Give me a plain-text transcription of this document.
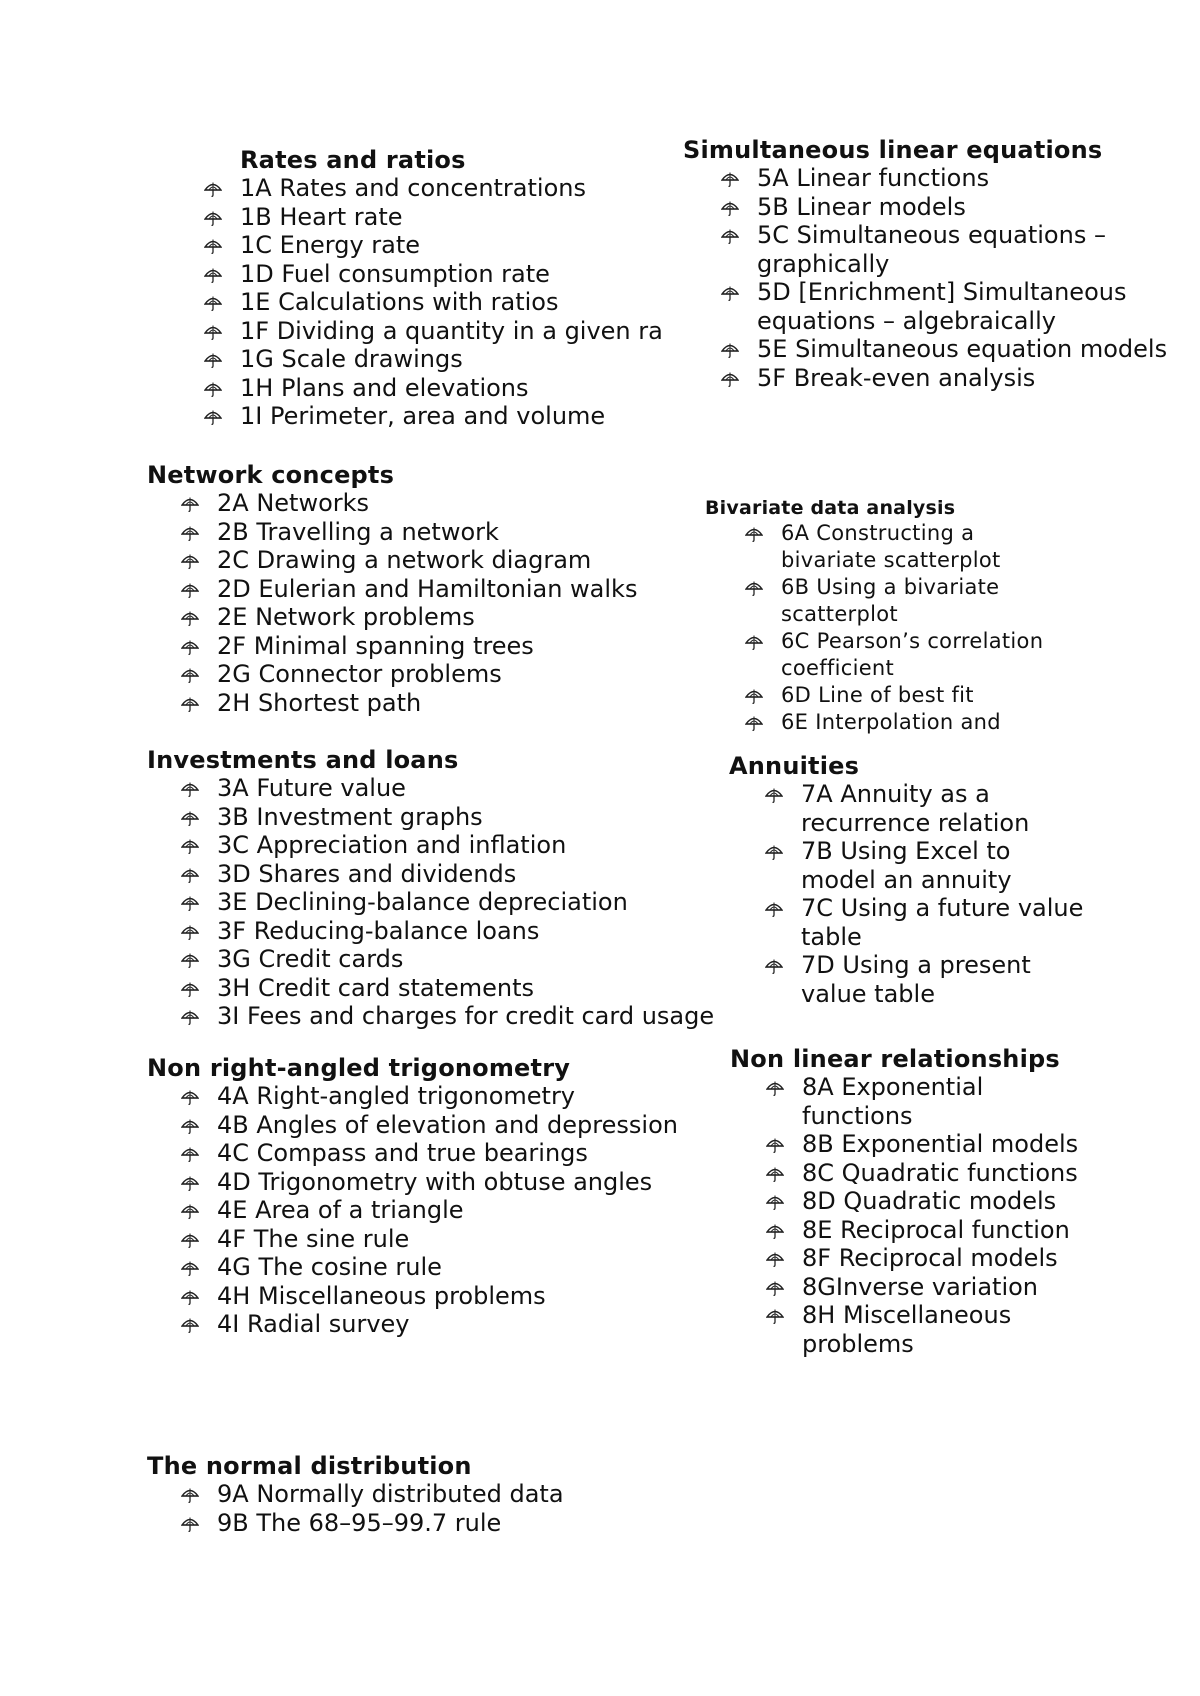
Rates and ratios
1A Rates and concentrations
1B Heart rate
1C Energy rate
1D Fuel consumption rate
1E Calculations with ratios
1F Dividing a quantity in a given ra
1G Scale drawings
1H Plans and elevations
1I Perimeter, area and volume
Network concepts
2A Networks
2B Travelling a network
2C Drawing a network diagram
2D Eulerian and Hamiltonian walks
2E Network problems
2F Minimal spanning trees
2G Connector problems
2H Shortest path
Investments and loans
3A Future value
3B Investment graphs
3C Appreciation and inflation
3D Shares and dividends
3E Declining-balance depreciation
3F Reducing-balance loans
3G Credit cards
3H Credit card statements
3I Fees and charges for credit card usage
Non right-angled trigonometry
4A Right-angled trigonometry
4B Angles of elevation and depression
4C Compass and true bearings
4D Trigonometry with obtuse angles
4E Area of a triangle
4F The sine rule
4G The cosine rule
4H Miscellaneous problems
4I Radial survey
The normal distribution
9A Normally distributed data
9B The 68–95–99.7 rule
Simultaneous linear equations
5A Linear functions
5B Linear models
5C Simultaneous equations – graphically
5D [Enrichment] Simultaneous equations – algebraically
5E Simultaneous equation models
5F Break-even analysis
Bivariate data analysis
6A Constructing a bivariate scatterplot
6B Using a bivariate scatterplot
6C Pearson’s correlation coefficient
6D Line of best fit
6E Interpolation and
Annuities
7A Annuity as a recurrence relation
7B Using Excel to model an annuity
7C Using a future value table
7D Using a present value table
Non linear relationships
8A Exponential functions
8B Exponential models
8C Quadratic functions
8D Quadratic models
8E Reciprocal function
8F Reciprocal models
8GInverse variation
8H Miscellaneous problems
